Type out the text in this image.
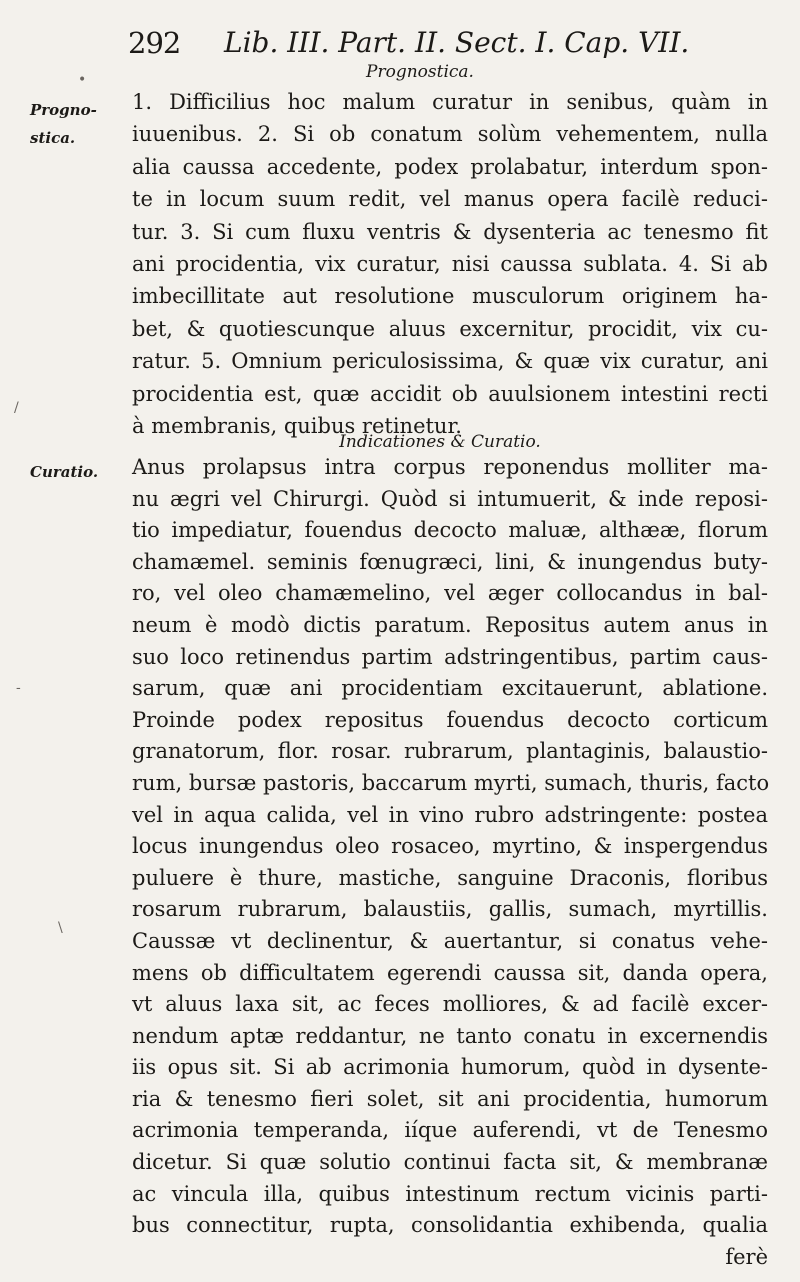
292 Lib. III. Part. II. Sect. I. Cap. VII.
•	Prognostica.
Progno-
stica.
1. Difficilius hoc malum curatur in senibus, quàm in
iuuenibus. 2. Si ob conatum solùm vehementem, nulla
alia caussa accedente, podex prolabatur, interdum spon-
te in locum suum redit, vel manus opera facilè reduci-
tur. 3. Si cum fluxu ventris & dysenteria ac tenesmo fit
ani procidentia, vix curatur, nisi caussa sublata. 4. Si ab
imbecillitate aut resolutione musculorum originem ha-
bet, & quotiescunque aluus excernitur, procidit, vix cu-
ratur. 5. Omnium periculosissima, & quæ vix curatur, ani
procidentia est, quæ accidit ob auulsionem intestini recti
à membranis, quibus retinetur.
Indicationes & Curatio.
Curatio.
/
-
\
Anus prolapsus intra corpus reponendus molliter ma-
nu ægri vel Chirurgi. Quòd si intumuerit, & inde reposi-
tio impediatur, fouendus decocto maluæ, althææ, florum
chamæmel. seminis fœnugræci, lini, & inungendus buty-
ro, vel oleo chamæmelino, vel æger collocandus in bal-
neum è modò dictis paratum. Repositus autem anus in
suo loco retinendus partim adstringentibus, partim caus-
sarum, quæ ani procidentiam excitauerunt, ablatione.
Proinde podex repositus fouendus decocto corticum
granatorum, flor. rosar. rubrarum, plantaginis, balaustio-
rum, bursæ pastoris, baccarum myrti, sumach, thuris, facto
vel in aqua calida, vel in vino rubro adstringente: postea
locus inungendus oleo rosaceo, myrtino, & inspergendus
puluere è thure, mastiche, sanguine Draconis, floribus
rosarum rubrarum, balaustiis, gallis, sumach, myrtillis.
Caussæ vt declinentur, & auertantur, si conatus vehe-
mens ob difficultatem egerendi caussa sit, danda opera,
vt aluus laxa sit, ac feces molliores, & ad facilè excer-
nendum aptæ reddantur, ne tanto conatu in excernendis
iis opus sit. Si ab acrimonia humorum, quòd in dysente-
ria & tenesmo fieri solet, sit ani procidentia, humorum
acrimonia temperanda, iíque auferendi, vt de Tenesmo
dicetur. Si quæ solutio continui facta sit, & membranæ
ac vincula illa, quibus intestinum rectum vicinis parti-
bus connectitur, rupta, consolidantia exhibenda, qualia
ferè
